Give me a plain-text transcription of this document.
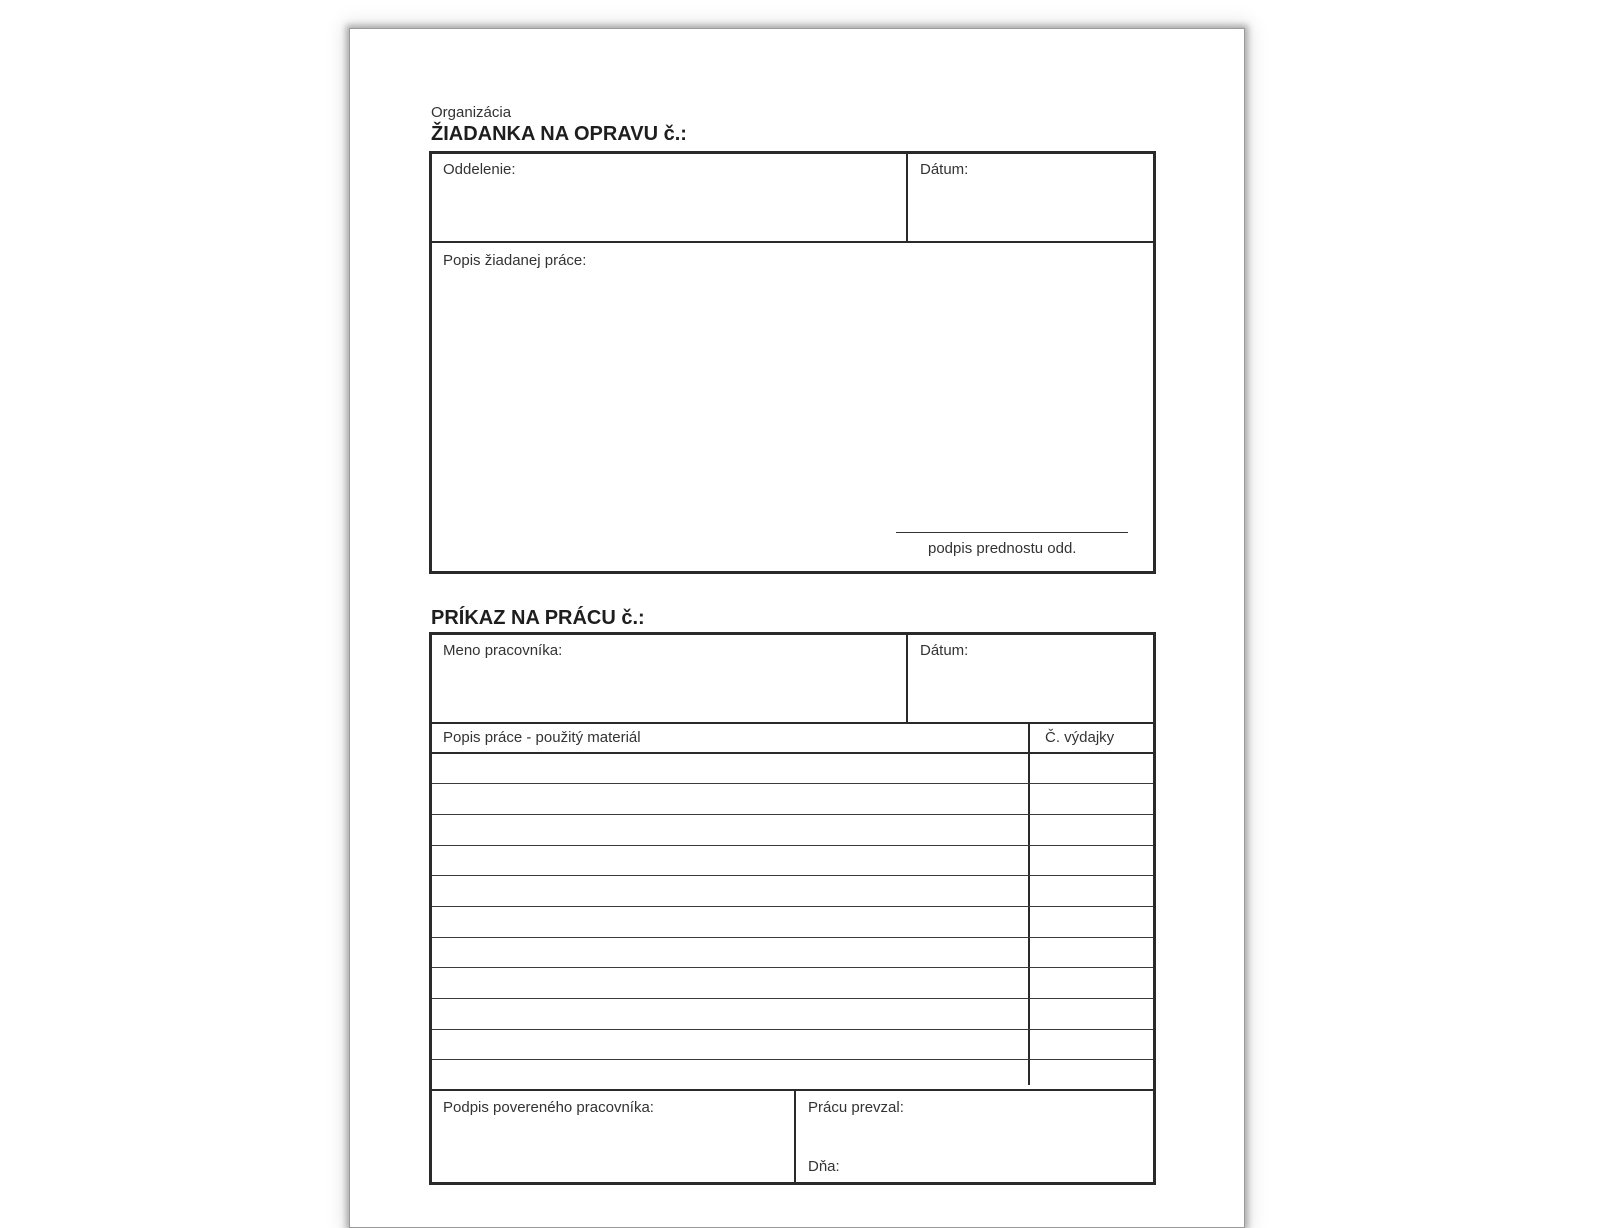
Organizácia
ŽIADANKA NA OPRAVU č.:
Oddelenie:	Dátum:
Popis žiadanej práce:
podpis prednostu odd.
PRÍKAZ NA PRÁCU č.:
Meno pracovníka:	Dátum:
Popis práce - použitý materiál	Č. výdajky
Podpis povereného pracovníka:	Prácu prevzal:
Dňa:
